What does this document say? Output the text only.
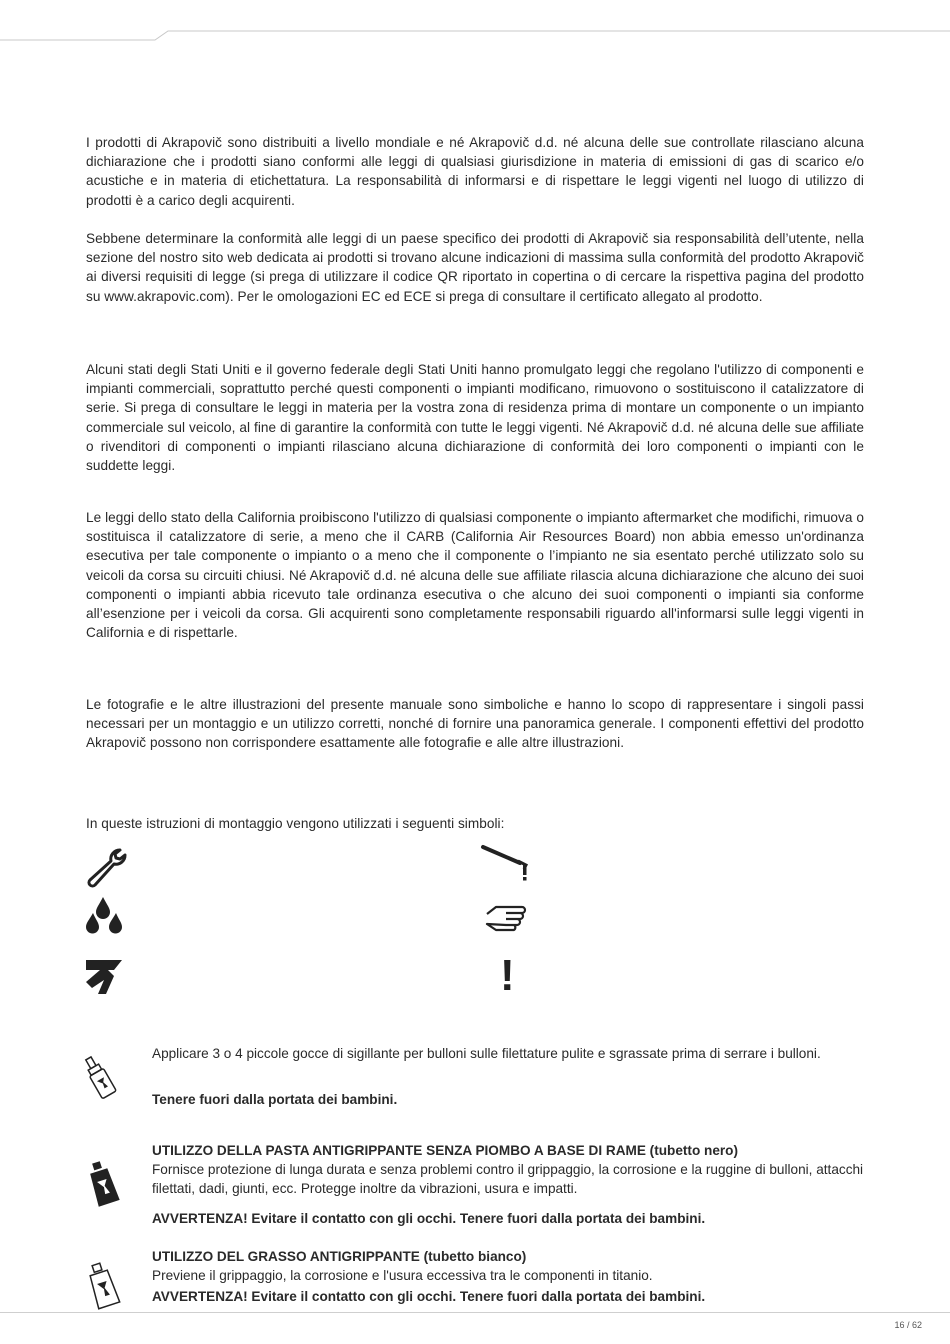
I prodotti di Akrapovič sono distribuiti a livello mondiale e né Akrapovič d.d. né alcuna delle sue controllate rilasciano alcuna dichiarazione che i prodotti siano conformi alle leggi di qualsiasi giurisdizione in materia di emissioni di gas di scarico e/o acustiche e in materia di etichettatura. La responsabilità di informarsi e di rispettare le leggi vigenti nel luogo di utilizzo di prodotti è a carico degli acquirenti.

Sebbene determinare la conformità alle leggi di un paese specifico dei prodotti di Akrapovič sia responsabilità dell’utente, nella sezione del nostro sito web dedicata ai prodotti si trovano alcune indicazioni di massima sulla conformità del prodotto Akrapovič ai diversi requisiti di legge (si prega di utilizzare il codice QR riportato in copertina o di cercare la rispettiva pagina del prodotto su www.akrapovic.com). Per le omologazioni EC ed ECE si prega di consultare il certificato allegato al prodotto.

Alcuni stati degli Stati Uniti e il governo federale degli Stati Uniti hanno promulgato leggi che regolano l'utilizzo di componenti e impianti commerciali, soprattutto perché questi componenti o impianti modificano, rimuovono o sostituiscono il catalizzatore di serie. Si prega di consultare le leggi in materia per la vostra zona di residenza prima di montare un componente o un impianto commerciale sul veicolo, al fine di garantire la conformità con tutte le leggi vigenti. Né Akrapovič d.d. né alcuna delle sue affiliate o rivenditori di componenti o impianti rilasciano alcuna dichiarazione di conformità dei loro componenti o impianti con le suddette leggi.

Le leggi dello stato della California proibiscono l'utilizzo di qualsiasi componente o impianto aftermarket che modifichi, rimuova o sostituisca il catalizzatore di serie, a meno che il CARB (California Air Resources Board) non abbia emesso un'ordinanza esecutiva per tale componente o impianto o a meno che il componente o l’impianto ne sia esentato perché utilizzato solo su veicoli da corsa su circuiti chiusi. Né Akrapovič d.d. né alcuna delle sue affiliate rilascia alcuna dichiarazione che alcuno dei suoi componenti o impianti abbia ricevuto tale ordinanza esecutiva o che alcuno dei suoi componenti o impianti sia conforme all’esenzione per i veicoli da corsa. Gli acquirenti sono completamente responsabili riguardo all'informarsi sulle leggi vigenti in California e di rispettarle.

Le fotografie e le altre illustrazioni del presente manuale sono simboliche e hanno lo scopo di rappresentare i singoli passi necessari per un montaggio e un utilizzo corretti, nonché di fornire una panoramica generale. I componenti effettivi del prodotto Akrapovič possono non corrispondere esattamente alle fotografie e alle altre illustrazioni.

In queste istruzioni di montaggio vengono utilizzati i seguenti simboli:

!
Applicare 3 o 4 piccole gocce di sigillante per bulloni sulle filettature pulite e sgrassate prima di serrare i bulloni.
Tenere fuori dalla portata dei bambini.
UTILIZZO DELLA PASTA ANTIGRIPPANTE SENZA PIOMBO A BASE DI RAME (tubetto nero)
Fornisce protezione di lunga durata e senza problemi contro il grippaggio, la corrosione e la ruggine di bulloni, attacchi filettati, dadi, giunti, ecc. Protegge inoltre da vibrazioni, usura e impatti.
AVVERTENZA! Evitare il contatto con gli occhi. Tenere fuori dalla portata dei bambini.
UTILIZZO DEL GRASSO ANTIGRIPPANTE (tubetto bianco)
Previene il grippaggio, la corrosione e l'usura eccessiva tra le componenti in titanio.
AVVERTENZA! Evitare il contatto con gli occhi. Tenere fuori dalla portata dei bambini.
16 / 62
